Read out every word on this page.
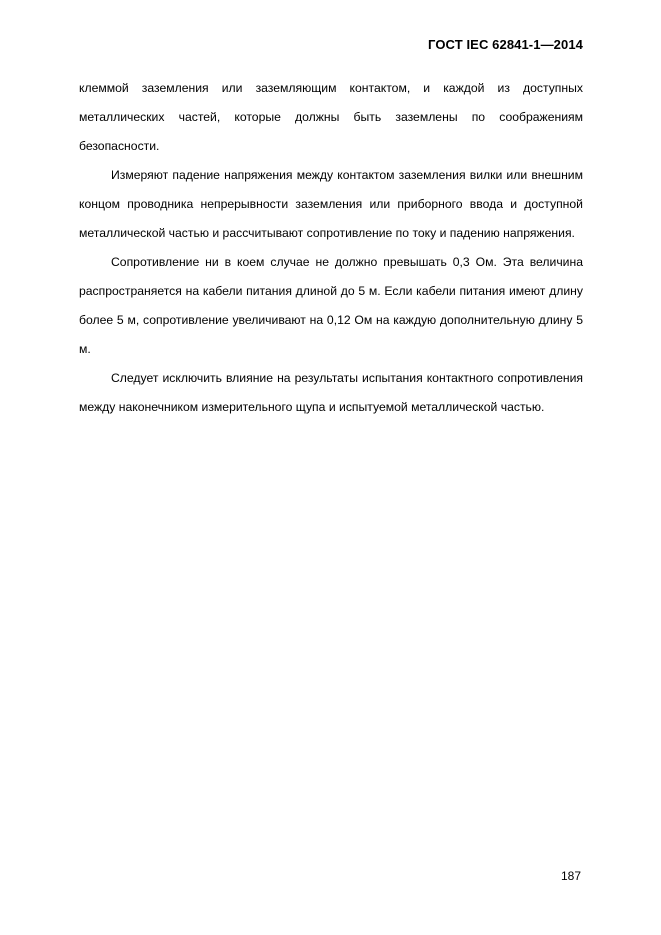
ГОСТ IEC 62841-1—2014

клеммой заземления или заземляющим контактом, и каждой из доступных металлических частей, которые должны быть заземлены по соображениям безопасности.

Измеряют падение напряжения между контактом заземления вилки или внешним концом проводника непрерывности заземления или приборного ввода и доступной металлической частью и рассчитывают сопротивление по току и падению напряжения.

Сопротивление ни в коем случае не должно превышать 0,3 Ом. Эта величина распространяется на кабели питания длиной до 5 м. Если кабели питания имеют длину более 5 м, сопротивление увеличивают на 0,12 Ом на каждую дополнительную длину 5 м.

Следует исключить влияние на результаты испытания контактного сопротивления между наконечником измерительного щупа и испытуемой металлической частью.

187
